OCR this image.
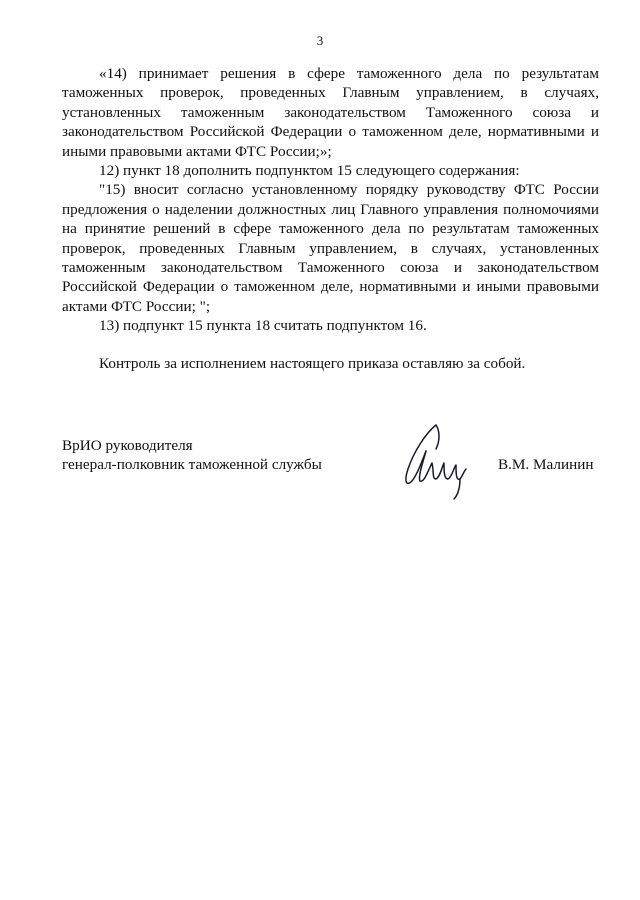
3

«14) принимает решения в сфере таможенного дела по результатам таможенных проверок, проведенных Главным управлением, в случаях, установленных таможенным законодательством Таможенного союза и законодательством Российской Федерации о таможенном деле, нормативными и иными правовыми актами ФТС России;»;

12) пункт 18 дополнить подпунктом 15 следующего содержания:

"15) вносит согласно установленному порядку руководству ФТС России предложения о наделении должностных лиц Главного управления полномочиями на принятие решений в сфере таможенного дела по результатам таможенных проверок, проведенных Главным управлением, в случаях, установленных таможенным законодательством Таможенного союза и законодательством Российской Федерации о таможенном деле, нормативными и иными правовыми актами ФТС России; ";

13) подпункт 15 пункта 18 считать подпунктом 16.

Контроль за исполнением настоящего приказа оставляю за собой.
ВрИО руководителя
генерал-полковник таможенной службы	В.М. Малинин
